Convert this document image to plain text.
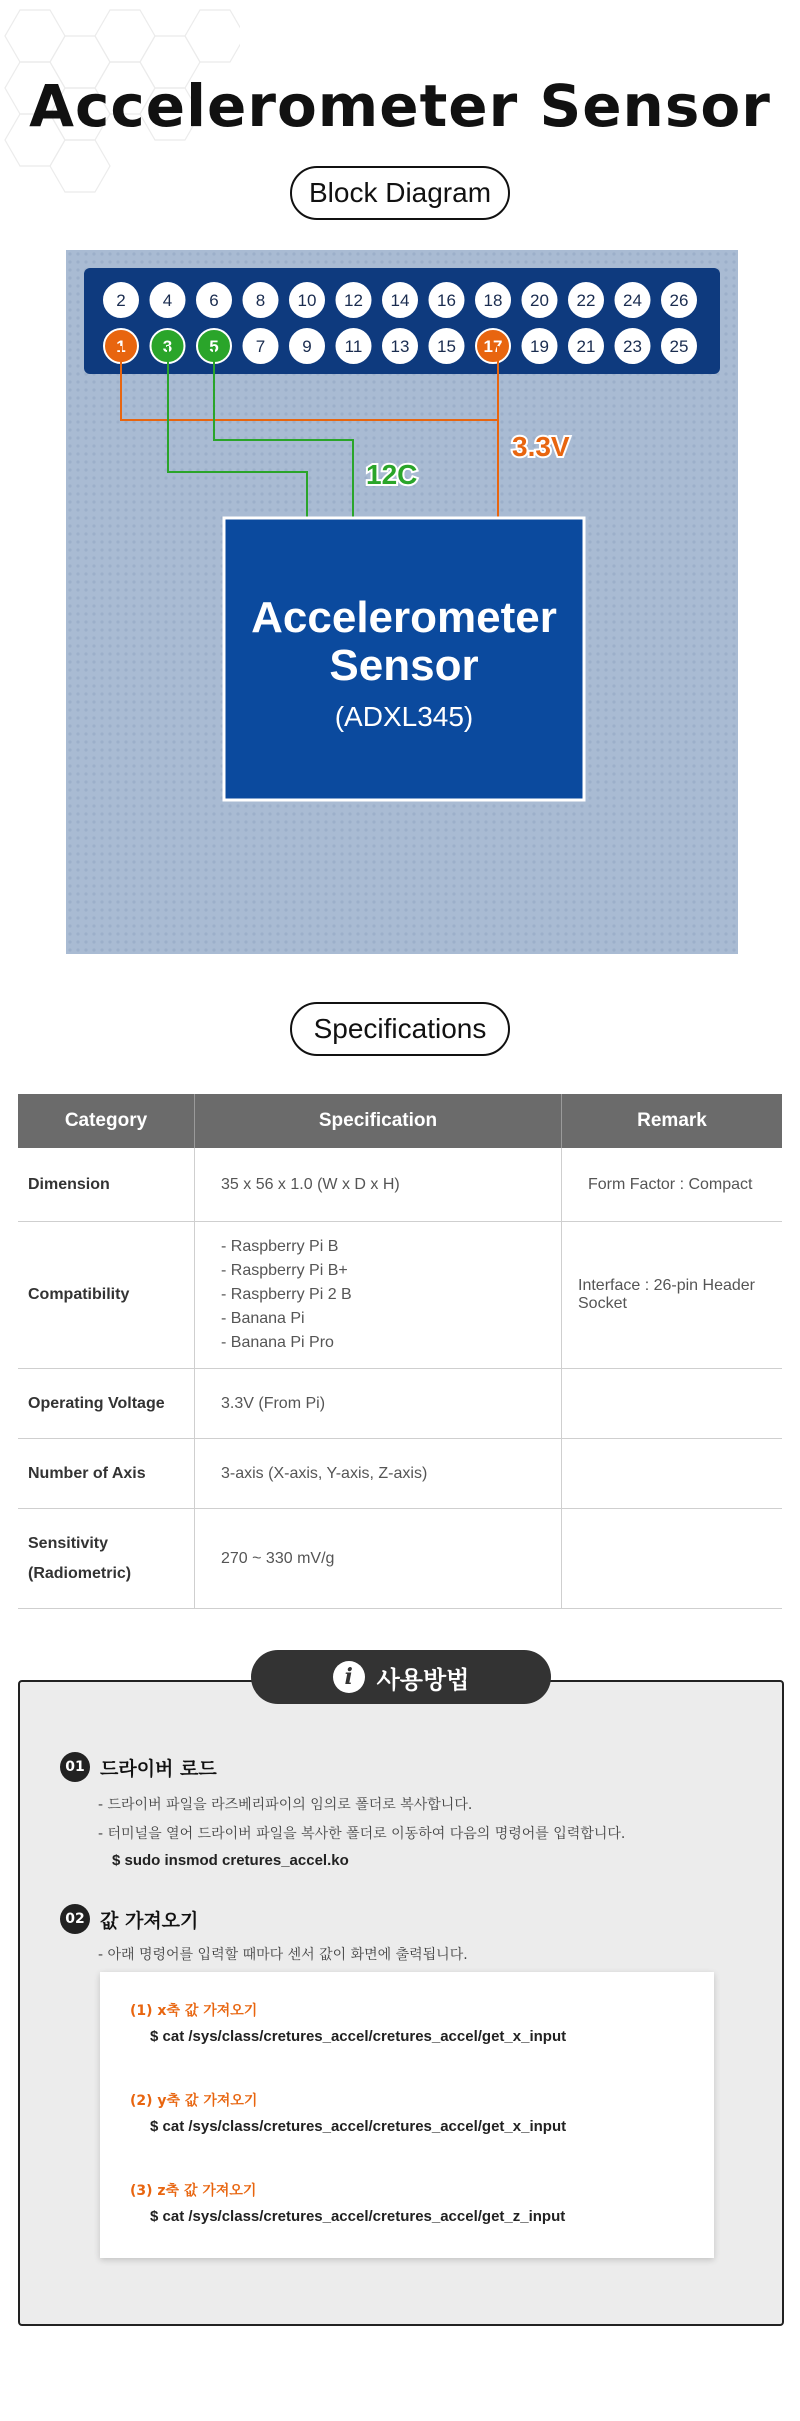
Accelerometer Sensor
Block Diagram
2 4 6 8 10 12 14 16 18 20 22 24 26
1 3 5 7 9 11 13 15 17 19 21 23 25
12C
3.3V
Accelerometer
Sensor
(ADXL345)
Specifications
Category	Specification	Remark
Dimension	35 x 56 x 1.0 (W x D x H)	Form Factor : Compact
Compatibility	- Raspberry Pi B
- Raspberry Pi B+
- Raspberry Pi 2 B
- Banana Pi
- Banana Pi Pro	Interface : 26-pin Header Socket
Operating Voltage	3.3V (From Pi)	

Number of Axis	3-axis (X-axis, Y-axis, Z-axis)	

Sensitivity
(Radiometric)	270 ~ 330 mV/g	

i 사용방법
01 드라이버 로드
- 드라이버 파일을 라즈베리파이의 임의로 폴더로 복사합니다.
- 터미널을 열어 드라이버 파일을 복사한 폴더로 이동하여 다음의 명령어를 입력합니다.
$ sudo insmod cretures_accel.ko
02 값 가져오기
- 아래 명령어를 입력할 때마다 센서 값이 화면에 출력됩니다.
(1) x축 값 가져오기
$ cat /sys/class/cretures_accel/cretures_accel/get_x_input
(2) y축 값 가져오기
$ cat /sys/class/cretures_accel/cretures_accel/get_x_input
(3) z축 값 가져오기
$ cat /sys/class/cretures_accel/cretures_accel/get_z_input
